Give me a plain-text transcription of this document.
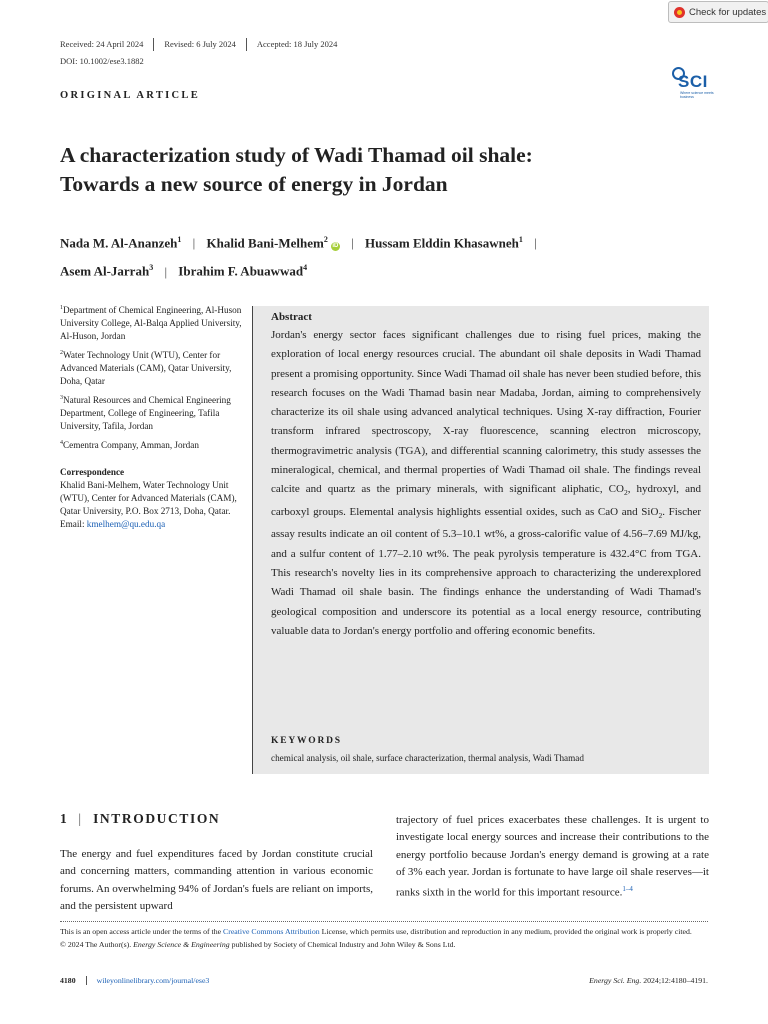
Check for updates
Received: 24 April 2024	Revised: 6 July 2024	Accepted: 18 July 2024
DOI: 10.1002/ese3.1882
SCI
Where science meets business
ORIGINAL ARTICLE
A characterization study of Wadi Thamad oil shale:
Towards a new source of energy in Jordan
Nada M. Al-Ananzeh$^1$ | Khalid Bani-Melhem$^2$iD | Hussam Elddin Khasawneh$^1$ |
Asem Al-Jarrah$^3$ | Ibrahim F. Abuawwad$^4$

$^1$Department of Chemical Engineering, Al-Huson University College, Al-Balqa Applied University, Al-Huson, Jordan

$^2$Water Technology Unit (WTU), Center for Advanced Materials (CAM), Qatar University, Doha, Qatar

$^3$Natural Resources and Chemical Engineering Department, College of Engineering, Tafila University, Tafila, Jordan

$^4$Cementra Company, Amman, Jordan

Correspondence
Khalid Bani-Melhem, Water Technology Unit (WTU), Center for Advanced Materials (CAM), Qatar University, P.O. Box 2713, Doha, Qatar. Email: kmelhem@qu.edu.qa
Abstract
Jordan's energy sector faces significant challenges due to rising fuel prices, making the exploration of local energy resources crucial. The abundant oil shale deposits in Wadi Thamad present a promising opportunity. Since Wadi Thamad oil shale has never been studied before, this research focuses on the Wadi Thamad basin near Madaba, Jordan, aiming to comprehensively characterize its oil shale using advanced analytical techniques. Using X-ray diffraction, Fourier transform infrared spectroscopy, X-ray fluorescence, scanning electron microscopy, thermogravimetric analysis (TGA), and differential scanning calorimetry, this study assesses the mineralogical, chemical, and thermal properties of Wadi Thamad oil shale. The findings reveal calcite and quartz as the primary minerals, with significant aliphatic, $CO_2$, hydroxyl, and carboxyl groups. Elemental analysis highlights essential oxides, such as CaO and SiO$_2$. Fischer assay results indicate an oil content of 5.3–10.1 wt%, a gross-calorific value of 4.56–7.69 MJ/kg, and a sulfur content of 1.77–2.10 wt%. The peak pyrolysis temperature is 432.4°C from TGA. This research's novelty lies in its comprehensive approach to characterizing the underexplored Wadi Thamad oil shale basin. The findings enhance the understanding of Wadi Thamad's geological composition and underscore its potential as a local energy resource, contributing valuable data to Jordan's energy portfolio and offering economic benefits.
KEYWORDS
chemical analysis, oil shale, surface characterization, thermal analysis, Wadi Thamad
1 | INTRODUCTION
The energy and fuel expenditures faced by Jordan constitute crucial and concerning matters, commanding attention in various economic forums. An overwhelming 94% of Jordan's fuels are reliant on imports, and the persistent upward
trajectory of fuel prices exacerbates these challenges. It is urgent to investigate local energy sources and increase their contributions to the energy portfolio because Jordan's energy demand is growing at a rate of 3% each year. Jordan is fortunate to have large oil shale reserves—it ranks sixth in the world for this important resource.$^{1-4}$
This is an open access article under the terms of the Creative Commons Attribution License, which permits use, distribution and reproduction in any medium, provided the original work is properly cited.
© 2024 The Author(s). Energy Science & Engineering published by Society of Chemical Industry and John Wiley & Sons Ltd.
4180	wileyonlinelibrary.com/journal/ese3	Energy Sci. Eng. 2024;12:4180–4191.
